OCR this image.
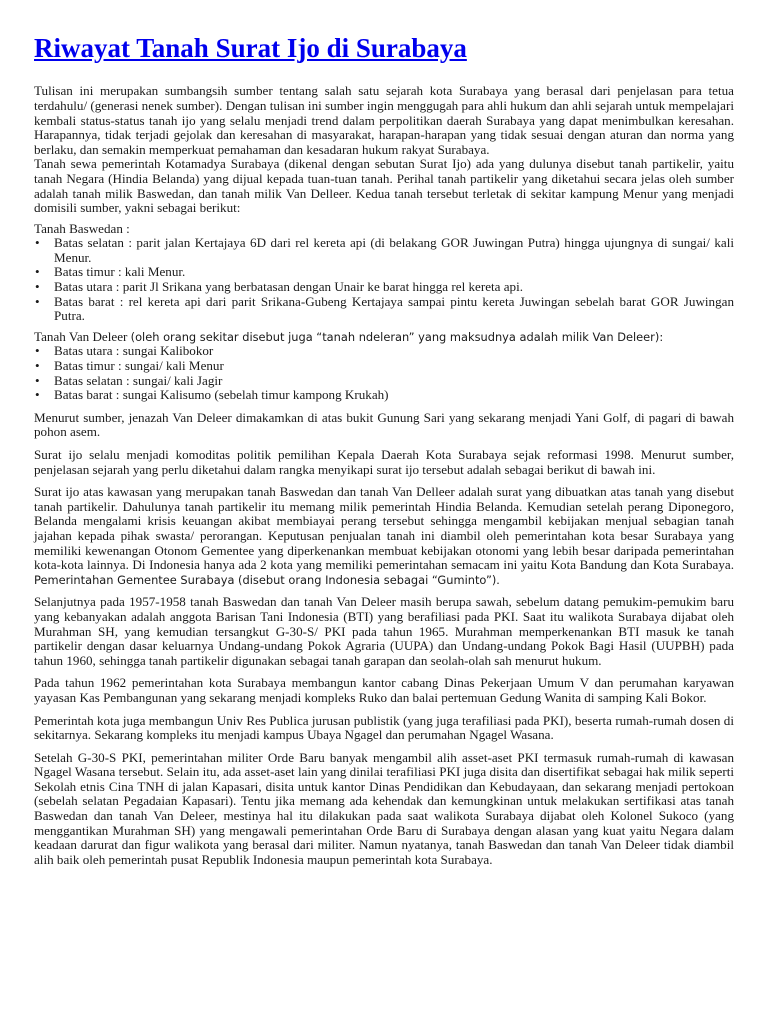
Riwayat Tanah Surat Ijo di Surabaya

Tulisan ini merupakan sumbangsih sumber tentang salah satu sejarah kota Surabaya yang berasal dari penjelasan para tetua terdahulu/ (generasi nenek sumber). Dengan tulisan ini sumber ingin menggugah para ahli hukum dan ahli sejarah untuk mempelajari kembali status-status tanah ijo yang selalu menjadi trend dalam perpolitikan daerah Surabaya yang dapat menimbulkan keresahan. Harapannya, tidak terjadi gejolak dan keresahan di masyarakat, harapan-harapan yang tidak sesuai dengan aturan dan norma yang berlaku, dan semakin memperkuat pemahaman dan kesadaran hukum rakyat Surabaya.

Tanah sewa pemerintah Kotamadya Surabaya (dikenal dengan sebutan Surat Ijo) ada yang dulunya disebut tanah partikelir, yaitu tanah Negara (Hindia Belanda) yang dijual kepada tuan-tuan tanah. Perihal tanah partikelir yang diketahui secara jelas oleh sumber adalah tanah milik Baswedan, dan tanah milik Van Delleer. Kedua tanah tersebut terletak di sekitar kampung Menur yang menjadi domisili sumber, yakni sebagai berikut:

Tanah Baswedan :

• Batas selatan : parit jalan Kertajaya 6D dari rel kereta api (di belakang GOR Juwingan Putra) hingga ujungnya di sungai/ kali Menur.
• Batas timur : kali Menur.
• Batas utara : parit Jl Srikana yang berbatasan dengan Unair ke barat hingga rel kereta api.
• Batas barat : rel kereta api dari parit Srikana-Gubeng Kertajaya sampai pintu kereta Juwingan sebelah barat GOR Juwingan Putra.

Tanah Van Deleer (oleh orang sekitar disebut juga “tanah ndeleran” yang maksudnya adalah milik Van Deleer):

• Batas utara : sungai Kalibokor
• Batas timur : sungai/ kali Menur
• Batas selatan : sungai/ kali Jagir
• Batas barat : sungai Kalisumo (sebelah timur kampong Krukah)

Menurut sumber, jenazah Van Deleer dimakamkan di atas bukit Gunung Sari yang sekarang menjadi Yani Golf, di pagari di bawah pohon asem.

Surat ijo selalu menjadi komoditas politik pemilihan Kepala Daerah Kota Surabaya sejak reformasi 1998. Menurut sumber, penjelasan sejarah yang perlu diketahui dalam rangka menyikapi surat ijo tersebut adalah sebagai berikut di bawah ini.

Surat ijo atas kawasan yang merupakan tanah Baswedan dan tanah Van Delleer adalah surat yang dibuatkan atas tanah yang disebut tanah partikelir. Dahulunya tanah partikelir itu memang milik pemerintah Hindia Belanda. Kemudian setelah perang Diponegoro, Belanda mengalami krisis keuangan akibat membiayai perang tersebut sehingga mengambil kebijakan menjual sebagian tanah jajahan kepada pihak swasta/ perorangan. Keputusan penjualan tanah ini diambil oleh pemerintahan kota besar Surabaya yang memiliki kewenangan Otonom Gementee yang diperkenankan membuat kebijakan otonomi yang lebih besar daripada pemerintahan kota-kota lainnya. Di Indonesia hanya ada 2 kota yang memiliki pemerintahan semacam ini yaitu Kota Bandung dan Kota Surabaya. Pemerintahan Gementee Surabaya (disebut orang Indonesia sebagai “Guminto”).

Selanjutnya pada 1957-1958 tanah Baswedan dan tanah Van Deleer masih berupa sawah, sebelum datang pemukim-pemukim baru yang kebanyakan adalah anggota Barisan Tani Indonesia (BTI) yang berafiliasi pada PKI. Saat itu walikota Surabaya dijabat oleh Murahman SH, yang kemudian tersangkut G-30-S/ PKI pada tahun 1965. Murahman memperkenankan BTI masuk ke tanah partikelir dengan dasar keluarnya Undang-undang Pokok Agraria (UUPA) dan Undang-undang Pokok Bagi Hasil (UUPBH) pada tahun 1960, sehingga tanah partikelir digunakan sebagai tanah garapan dan seolah-olah sah menurut hukum.

Pada tahun 1962 pemerintahan kota Surabaya membangun kantor cabang Dinas Pekerjaan Umum V dan perumahan karyawan yayasan Kas Pembangunan yang sekarang menjadi kompleks Ruko dan balai pertemuan Gedung Wanita di samping Kali Bokor.

Pemerintah kota juga membangun Univ Res Publica jurusan publistik (yang juga terafiliasi pada PKI), beserta rumah-rumah dosen di sekitarnya. Sekarang kompleks itu menjadi kampus Ubaya Ngagel dan perumahan Ngagel Wasana.

Setelah G-30-S PKI, pemerintahan militer Orde Baru banyak mengambil alih asset-aset PKI termasuk rumah-rumah di kawasan Ngagel Wasana tersebut. Selain itu, ada asset-aset lain yang dinilai terafiliasi PKI juga disita dan disertifikat sebagai hak milik seperti Sekolah etnis Cina TNH di jalan Kapasari, disita untuk kantor Dinas Pendidikan dan Kebudayaan, dan sekarang menjadi pertokoan (sebelah selatan Pegadaian Kapasari). Tentu jika memang ada kehendak dan kemungkinan untuk melakukan sertifikasi atas tanah Baswedan dan tanah Van Deleer, mestinya hal itu dilakukan pada saat walikota Surabaya dijabat oleh Kolonel Sukoco (yang menggantikan Murahman SH) yang mengawali pemerintahan Orde Baru di Surabaya dengan alasan yang kuat yaitu Negara dalam keadaan darurat dan figur walikota yang berasal dari militer. Namun nyatanya, tanah Baswedan dan tanah Van Deleer tidak diambil alih baik oleh pemerintah pusat Republik Indonesia maupun pemerintah kota Surabaya.
